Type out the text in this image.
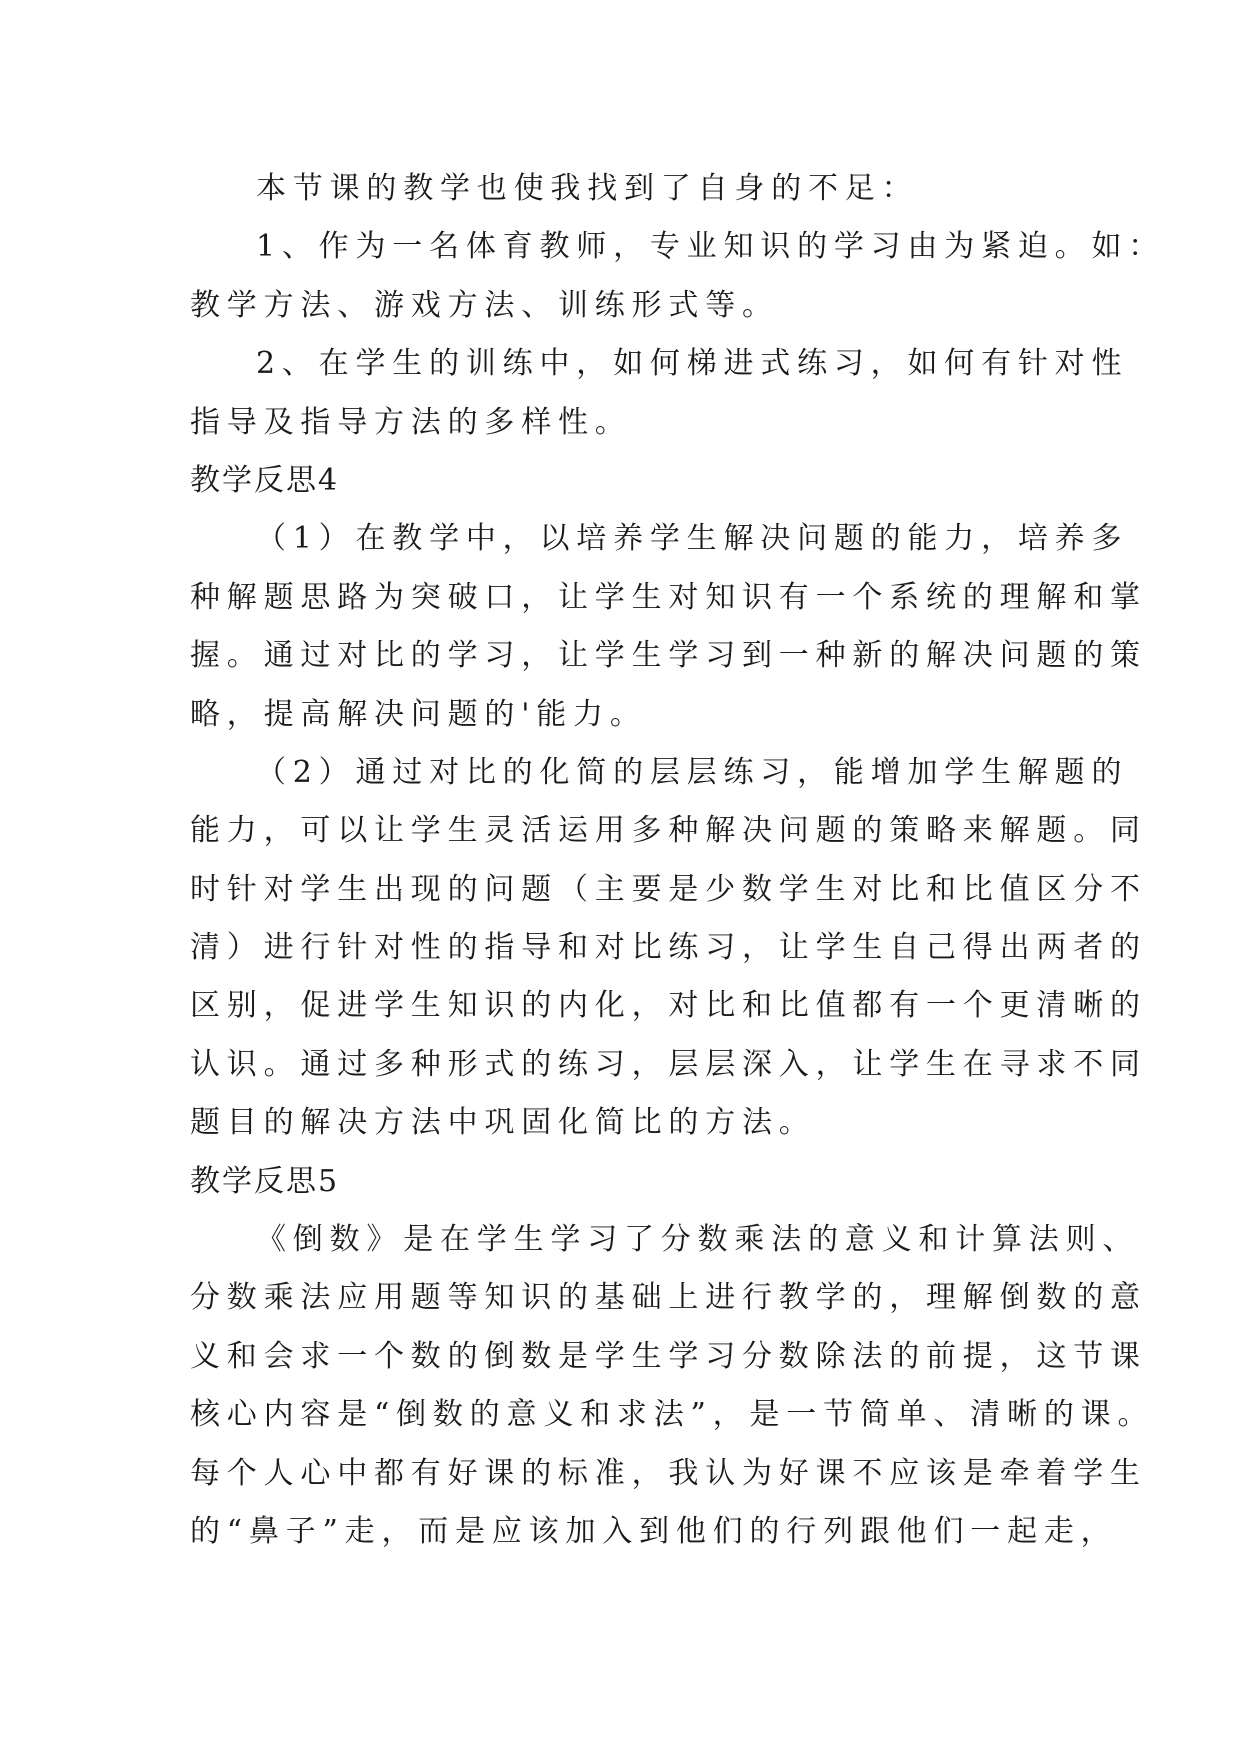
本节课的教学也使我找到了自身的不足：
1、作为一名体育教师，专业知识的学习由为紧迫。如：
教学方法、游戏方法、训练形式等。
2、在学生的训练中，如何梯进式练习，如何有针对性
指导及指导方法的多样性。
教学反思4
（1）在教学中，以培养学生解决问题的能力，培养多
种解题思路为突破口，让学生对知识有一个系统的理解和掌
握。通过对比的学习，让学生学习到一种新的解决问题的策
略，提高解决问题的'能力。
（2）通过对比的化简的层层练习，能增加学生解题的
能力，可以让学生灵活运用多种解决问题的策略来解题。同
时针对学生出现的问题（主要是少数学生对比和比值区分不
清）进行针对性的指导和对比练习，让学生自己得出两者的
区别，促进学生知识的内化，对比和比值都有一个更清晰的
认识。通过多种形式的练习，层层深入，让学生在寻求不同
题目的解决方法中巩固化简比的方法。
教学反思5
《倒数》是在学生学习了分数乘法的意义和计算法则、
分数乘法应用题等知识的基础上进行教学的，理解倒数的意
义和会求一个数的倒数是学生学习分数除法的前提，这节课
核心内容是“倒数的意义和求法”，是一节简单、清晰的课。
每个人心中都有好课的标准，我认为好课不应该是牵着学生
的“鼻子”走，而是应该加入到他们的行列跟他们一起走，
